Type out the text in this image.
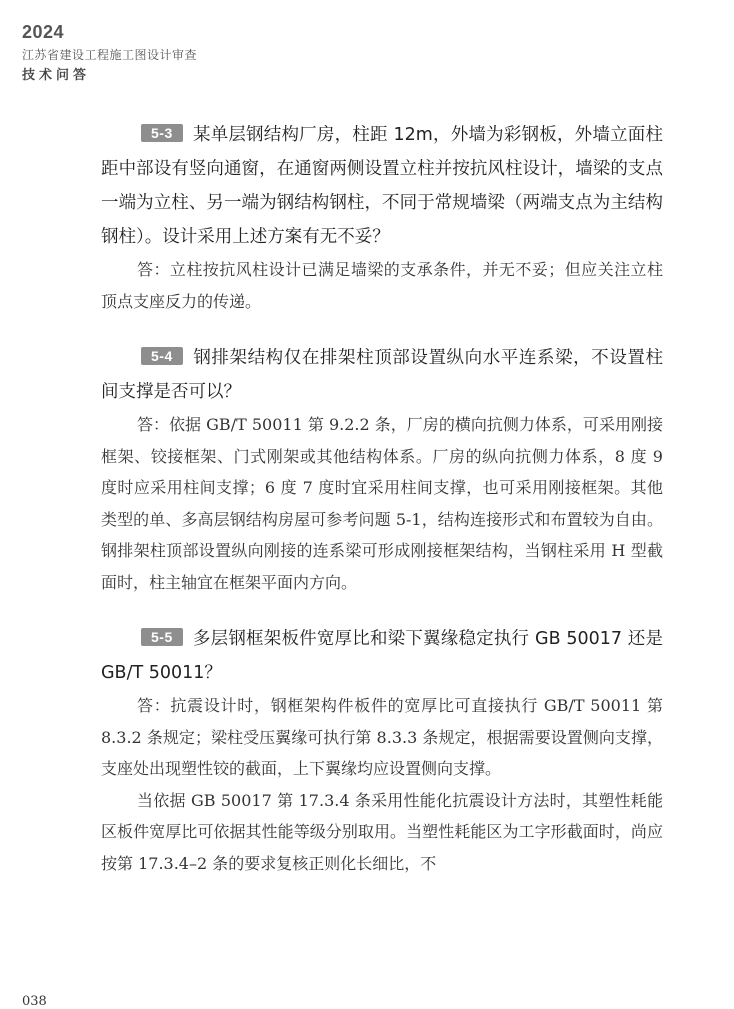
2024
江苏省建设工程施工图设计审查
技术问答

5-3 某单层钢结构厂房，柱距 12m，外墙为彩钢板，外墙立面柱距中部设有竖向通窗，在通窗两侧设置立柱并按抗风柱设计，墙梁的支点一端为立柱、另一端为钢结构钢柱，不同于常规墙梁（两端支点为主结构钢柱）。设计采用上述方案有无不妥？

答：立柱按抗风柱设计已满足墙梁的支承条件，并无不妥；但应关注立柱顶点支座反力的传递。

5-4 钢排架结构仅在排架柱顶部设置纵向水平连系梁，不设置柱间支撑是否可以？

答：依据 GB/T 50011 第 9.2.2 条，厂房的横向抗侧力体系，可采用刚接框架、铰接框架、门式刚架或其他结构体系。厂房的纵向抗侧力体系，8 度 9 度时应采用柱间支撑；6 度 7 度时宜采用柱间支撑，也可采用刚接框架。其他类型的单、多高层钢结构房屋可参考问题 5-1，结构连接形式和布置较为自由。钢排架柱顶部设置纵向刚接的连系梁可形成刚接框架结构，当钢柱采用 H 型截面时，柱主轴宜在框架平面内方向。

5-5 多层钢框架板件宽厚比和梁下翼缘稳定执行 GB 50017 还是 GB/T 50011？

答：抗震设计时，钢框架构件板件的宽厚比可直接执行 GB/T 50011 第 8.3.2 条规定；梁柱受压翼缘可执行第 8.3.3 条规定，根据需要设置侧向支撑，支座处出现塑性铰的截面，上下翼缘均应设置侧向支撑。

当依据 GB 50017 第 17.3.4 条采用性能化抗震设计方法时，其塑性耗能区板件宽厚比可依据其性能等级分别取用。当塑性耗能区为工字形截面时，尚应按第 17.3.4–2 条的要求复核正则化长细比，不

038
